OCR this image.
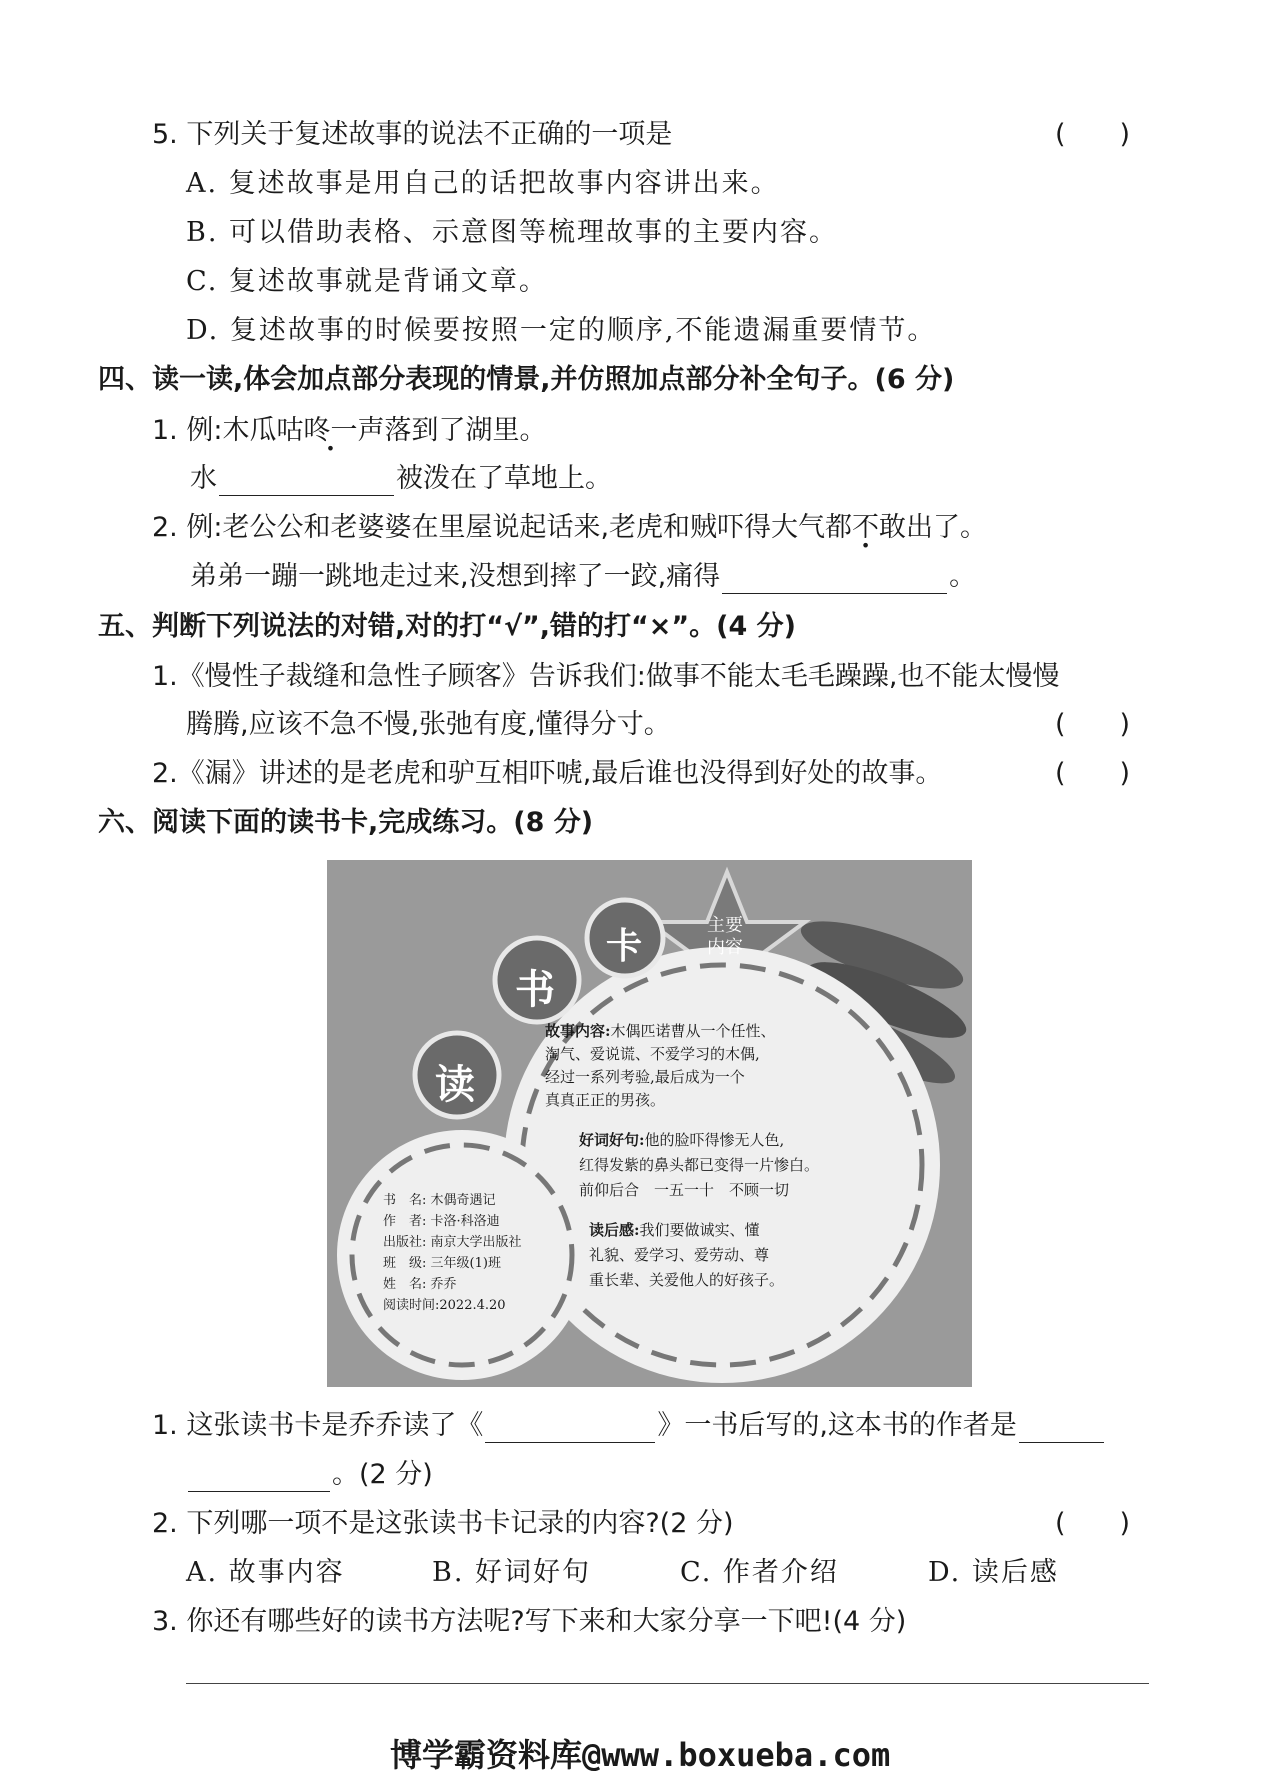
5. 下列关于复述故事的说法不正确的一项是	(　　)
A. 复述故事是用自己的话把故事内容讲出来。
B. 可以借助表格、示意图等梳理故事的主要内容。
C. 复述故事就是背诵文章。
D. 复述故事的时候要按照一定的顺序,不能遗漏重要情节。
四、读一读,体会加点部分表现的情景,并仿照加点部分补全句子。(6 分)
1. 例:木瓜咕咚一声落到了湖里。
水	被泼在了草地上。
2. 例:老公公和老婆婆在里屋说起话来,老虎和贼吓得大气都不敢出了 •。
弟弟一蹦一跳地走过来,没想到摔了一跤,痛得	。
五、判断下列说法的对错,对的打“√”,错的打“×”。(4 分)
1.《慢性子裁缝和急性子顾客》告诉我们:做事不能太毛毛躁躁,也不能太慢慢
腾腾,应该不急不慢,张弛有度,懂得分寸。	(　　)
2.《漏》讲述的是老虎和驴互相吓唬,最后谁也没得到好处的故事。	(　　)
六、阅读下面的读书卡,完成练习。(8 分)
读
书
卡
主要
内容
故事内容:木偶匹诺曹从一个任性、
淘气、爱说谎、不爱学习的木偶,
经过一系列考验,最后成为一个
真真正正的男孩。
好词好句:他的脸吓得惨无人色,
红得发紫的鼻头都已变得一片惨白。
前仰后合　一五一十　不顾一切
读后感:我们要做诚实、懂
礼貌、爱学习、爱劳动、尊
重长辈、关爱他人的好孩子。
书　名: 木偶奇遇记
作　者: 卡洛·科洛迪
出版社: 南京大学出版社
班　级: 三年级(1)班
姓　名: 乔乔
阅读时间:2022.4.20
1. 这张读书卡是乔乔读了《	》一书后写的,这本书的作者是
。(2 分)
2. 下列哪一项不是这张读书卡记录的内容?(2 分)	(　　)
A. 故事内容	B. 好词好句	C. 作者介绍	D. 读后感
3. 你还有哪些好的读书方法呢?写下来和大家分享一下吧!(4 分)
博学霸资料库@www.boxueba.com
